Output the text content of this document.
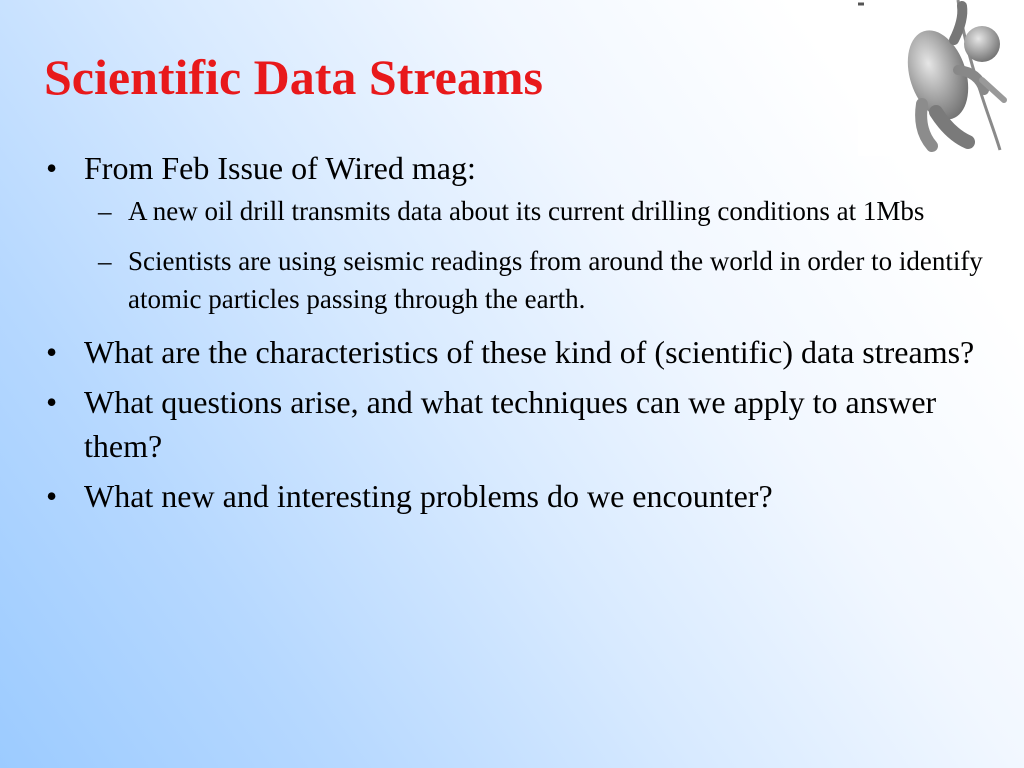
Scientific Data Streams
• From Feb Issue of Wired mag:
– A new oil drill transmits data about its current drilling conditions at 1Mbs
– Scientists are using seismic readings from around the world in order to identify atomic particles passing through the earth.
• What are the characteristics of these kind of (scientific) data streams?
• What questions arise, and what techniques can we apply to answer them?
• What new and interesting problems do we encounter?
